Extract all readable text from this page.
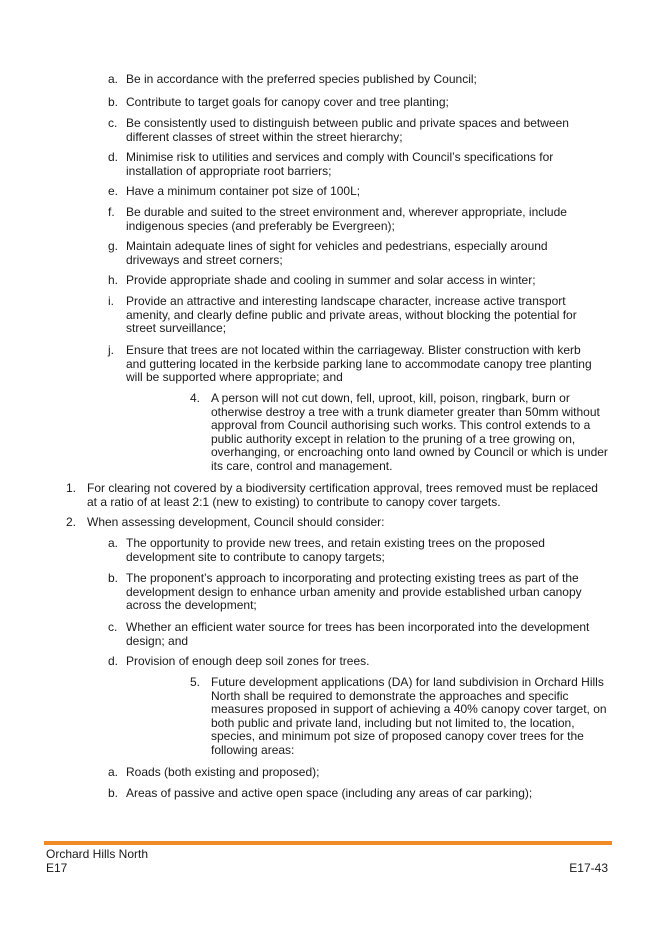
a. Be in accordance with the preferred species published by Council;
b. Contribute to target goals for canopy cover and tree planting;
c. Be consistently used to distinguish between public and private spaces and between different classes of street within the street hierarchy;
d. Minimise risk to utilities and services and comply with Council’s specifications for installation of appropriate root barriers;
e. Have a minimum container pot size of 100L;
f. Be durable and suited to the street environment and, wherever appropriate, include indigenous species (and preferably be Evergreen);
g. Maintain adequate lines of sight for vehicles and pedestrians, especially around driveways and street corners;
h. Provide appropriate shade and cooling in summer and solar access in winter;
i. Provide an attractive and interesting landscape character, increase active transport amenity, and clearly define public and private areas, without blocking the potential for street surveillance;
j. Ensure that trees are not located within the carriageway. Blister construction with kerb and guttering located in the kerbside parking lane to accommodate canopy tree planting will be supported where appropriate; and
4. A person will not cut down, fell, uproot, kill, poison, ringbark, burn or otherwise destroy a tree with a trunk diameter greater than 50mm without approval from Council authorising such works. This control extends to a public authority except in relation to the pruning of a tree growing on, overhanging, or encroaching onto land owned by Council or which is under its care, control and management.
1. For clearing not covered by a biodiversity certification approval, trees removed must be replaced at a ratio of at least 2:1 (new to existing) to contribute to canopy cover targets.
2. When assessing development, Council should consider:
a. The opportunity to provide new trees, and retain existing trees on the proposed development site to contribute to canopy targets;
b. The proponent’s approach to incorporating and protecting existing trees as part of the development design to enhance urban amenity and provide established urban canopy across the development;
c. Whether an efficient water source for trees has been incorporated into the development design; and
d. Provision of enough deep soil zones for trees.
5. Future development applications (DA) for land subdivision in Orchard Hills North shall be required to demonstrate the approaches and specific measures proposed in support of achieving a 40% canopy cover target, on both public and private land, including but not limited to, the location, species, and minimum pot size of proposed canopy cover trees for the following areas:
a. Roads (both existing and proposed);
b. Areas of passive and active open space (including any areas of car parking);
Orchard Hills North
E17	E17-43
